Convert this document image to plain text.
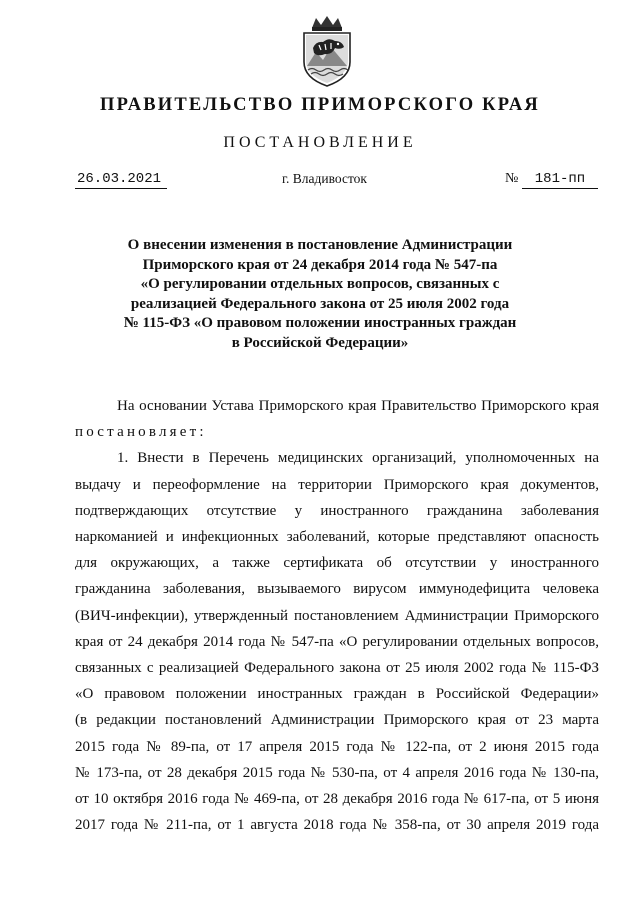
ПРАВИТЕЛЬСТВО ПРИМОРСКОГО КРАЯ
ПОСТАНОВЛЕНИЕ
26.03.2021	г. Владивосток	№	181-пп
О внесении изменения в постановление Администрации
Приморского края от 24 декабря 2014 года № 547-па
«О регулировании отдельных вопросов, связанных с
реализацией Федерального закона от 25 июля 2002 года
№ 115-ФЗ «О правовом положении иностранных граждан
в Российской Федерации»
На основании Устава Приморского края Правительство Приморского края
постановляет:
1. Внести в Перечень медицинских организаций, уполномоченных на
выдачу и переоформление на территории Приморского края документов,
подтверждающих отсутствие у иностранного гражданина заболевания
наркоманией и инфекционных заболеваний, которые представляют опасность
для окружающих, а также сертификата об отсутствии у иностранного
гражданина заболевания, вызываемого вирусом иммунодефицита человека
(ВИЧ-инфекции), утвержденный постановлением Администрации Приморского
края от 24 декабря 2014 года № 547-па «О регулировании отдельных вопросов,
связанных с реализацией Федерального закона от 25 июля 2002 года № 115-ФЗ
«О правовом положении иностранных граждан в Российской Федерации»
(в редакции постановлений Администрации Приморского края от 23 марта
2015 года № 89-па, от 17 апреля 2015 года № 122-па, от 2 июня 2015 года
№ 173-па, от 28 декабря 2015 года № 530-па, от 4 апреля 2016 года № 130-па,
от 10 октября 2016 года № 469-па, от 28 декабря 2016 года № 617-па, от 5 июня
2017 года № 211-па, от 1 августа 2018 года № 358-па, от 30 апреля 2019 года
